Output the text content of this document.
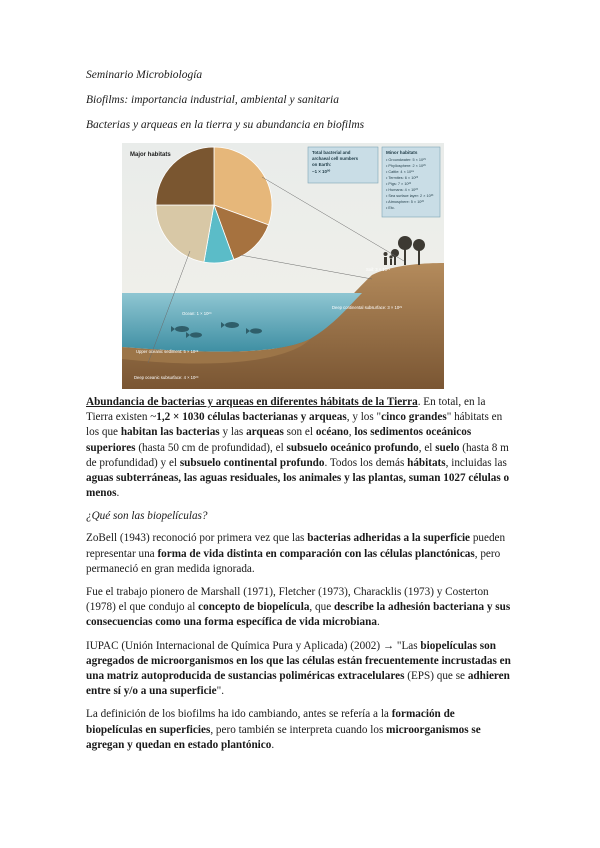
Seminario Microbiología
Biofilms: importancia industrial, ambiental y sanitaria
Bacterias y arqueas en la tierra y su abundancia en biofilms
Major habitats	Total bacterial and archaeal cell numbers on Earth: ~1 × 10³⁰
Minor habitats
• Groundwater: 5 × 10²⁹ • Phyllosphere: 2 × 10²⁶ • Cattle: 4 × 10²⁴ • Termites: 6 × 10²³ • Pigs: 7 × 10²² • Humans: 4 × 10²³ • Sea surface layer: 2 × 10²³ • Atmosphere: 5 × 10²² • Etc.
Soil: 3 × 10²⁹
Deep continental subsurface: 3 × 10²⁹
Ocean: 1 × 10²⁹
Upper oceanic sediment: 5 × 10²⁸
Deep oceanic subsurface: 4 × 10²⁹

Abundancia de bacterias y arqueas en diferentes hábitats de la Tierra. En total, en la Tierra existen ~1,2 × 1030 células bacterianas y arqueas, y los "cinco grandes" hábitats en los que habitan las bacterias y las arqueas son el océano, los sedimentos oceánicos superiores (hasta 50 cm de profundidad), el subsuelo oceánico profundo, el suelo (hasta 8 m de profundidad) y el subsuelo continental profundo. Todos los demás hábitats, incluidas las aguas subterráneas, las aguas residuales, los animales y las plantas, suman 1027 células o menos.

¿Qué son las biopelículas?

ZoBell (1943) reconoció por primera vez que las bacterias adheridas a la superficie pueden representar una forma de vida distinta en comparación con las células planctónicas, pero permaneció en gran medida ignorada.

Fue el trabajo pionero de Marshall (1971), Fletcher (1973), Characklis (1973) y Costerton (1978) el que condujo al concepto de biopelícula, que describe la adhesión bacteriana y sus consecuencias como una forma específica de vida microbiana.

IUPAC (Unión Internacional de Química Pura y Aplicada) (2002) → "Las biopelículas son agregados de microorganismos en los que las células están frecuentemente incrustadas en una matriz autoproducida de sustancias poliméricas extracelulares (EPS) que se adhieren entre sí y/o a una superficie".

La definición de los biofilms ha ido cambiando, antes se refería a la formación de biopelículas en superficies, pero también se interpreta cuando los microorganismos se agregan y quedan en estado plantónico.
